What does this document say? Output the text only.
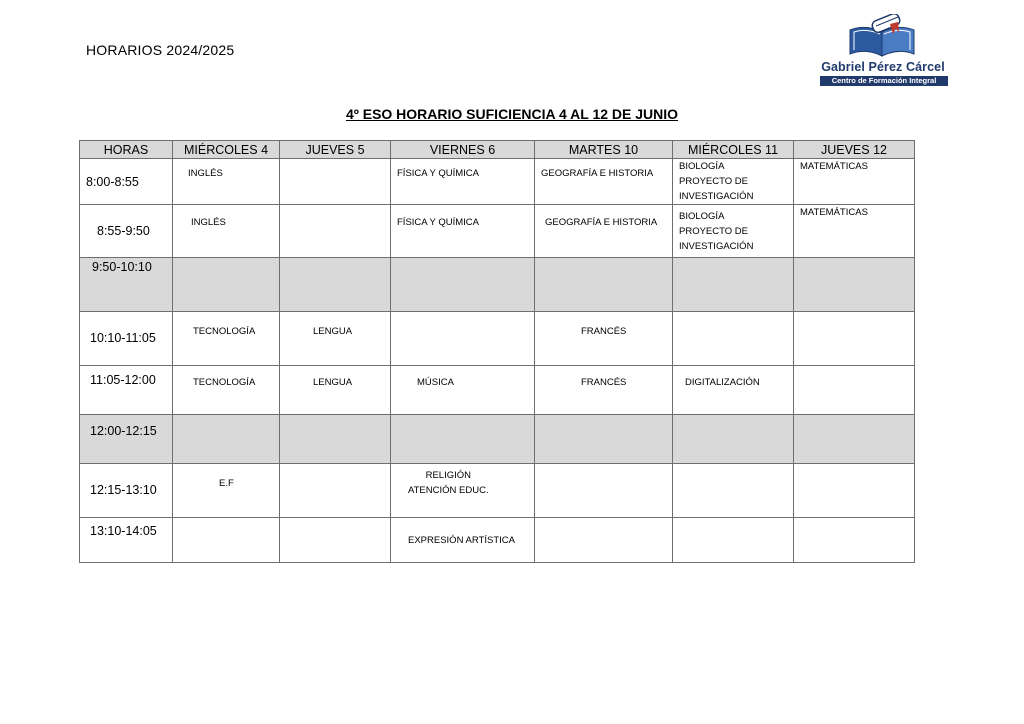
HORARIOS 2024/2025
Gabriel Pérez Cárcel
Centro de Formación Integral
4º ESO HORARIO SUFICIENCIA 4 AL 12 DE JUNIO
HORAS	MIÉRCOLES 4	JUEVES 5	VIERNES 6	MARTES 10	MIÉRCOLES 11	JUEVES 12

8:00-8:55	INGLÉS		FÍSICA Y QUÍMICA	GEOGRAFÍA E HISTORIA	BIOLOGÍA
PROYECTO DE
INVESTIGACIÓN	MATEMÁTICAS

8:55-9:50	INGLÉS		FÍSICA Y QUÍMICA	GEOGRAFÍA E HISTORIA	BIOLOGÍA
PROYECTO DE
INVESTIGACIÓN	MATEMÁTICAS

9:50-10:10						

10:10-11:05	TECNOLOGÍA	LENGUA		FRANCÉS		

11:05-12:00	TECNOLOGÍA	LENGUA	MÚSICA	FRANCÉS	DIGITALIZACIÓN	

12:00-12:15						

12:15-13:10	E.F		RELIGIÓN
ATENCIÓN EDUC.			

13:10-14:05			EXPRESIÓN ARTÍSTICA			
